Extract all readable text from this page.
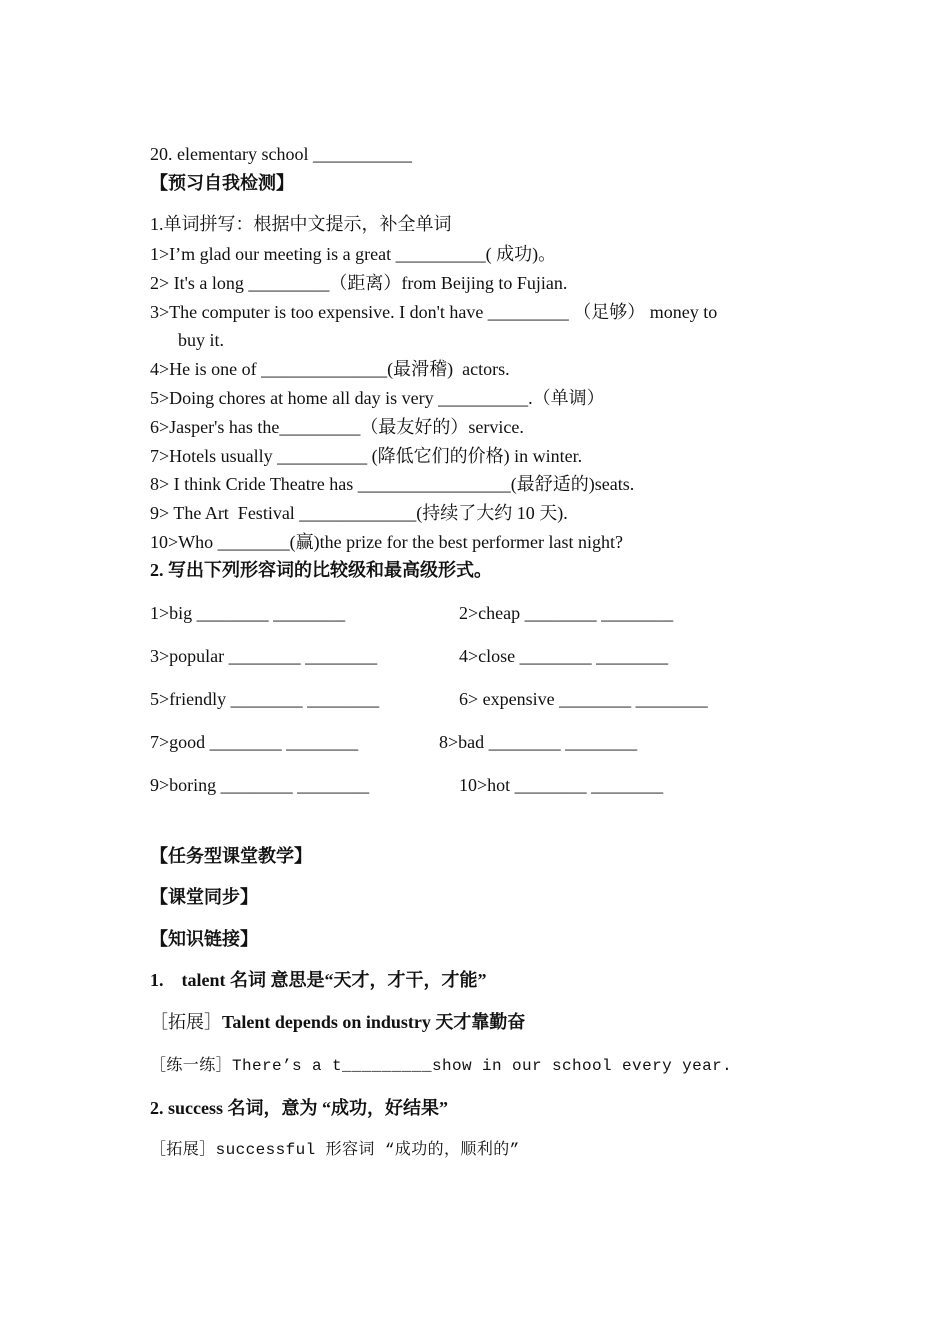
20. elementary school ___________
【预习自我检测】
1.单词拼写：根据中文提示，补全单词
1>I’m glad our meeting is a great __________( 成功)。
2> It's a long _________（距离）from Beijing to Fujian.
3>The computer is too expensive. I don't have _________ （足够） money to
buy it.
4>He is one of ______________(最滑稽)  actors.
5>Doing chores at home all day is very __________.（单调）
6>Jasper's has the_________（最友好的）service.
7>Hotels usually __________ (降低它们的价格) in winter.
8> I think Cride Theatre has _________________(最舒适的)seats.
9> The Art  Festival _____________(持续了大约 10 天).
10>Who ________(赢)the prize for the best performer last night?
2. 写出下列形容词的比较级和最高级形式。
1>big ________ ________	2>cheap ________ ________
3>popular ________ ________	4>close ________ ________
5>friendly ________ ________	6> expensive ________ ________
7>good ________ ________	8>bad ________ ________
9>boring ________ ________	10>hot ________ ________
【任务型课堂教学】
【课堂同步】
【知识链接】
1.    talent 名词 意思是“天才，才干，才能”
［拓展］Talent depends on industry 天才靠勤奋
［练一练］There’s a t_________show in our school every year.
2. success 名词，意为 “成功，好结果”
［拓展］successful 形容词 “成功的，顺利的”
